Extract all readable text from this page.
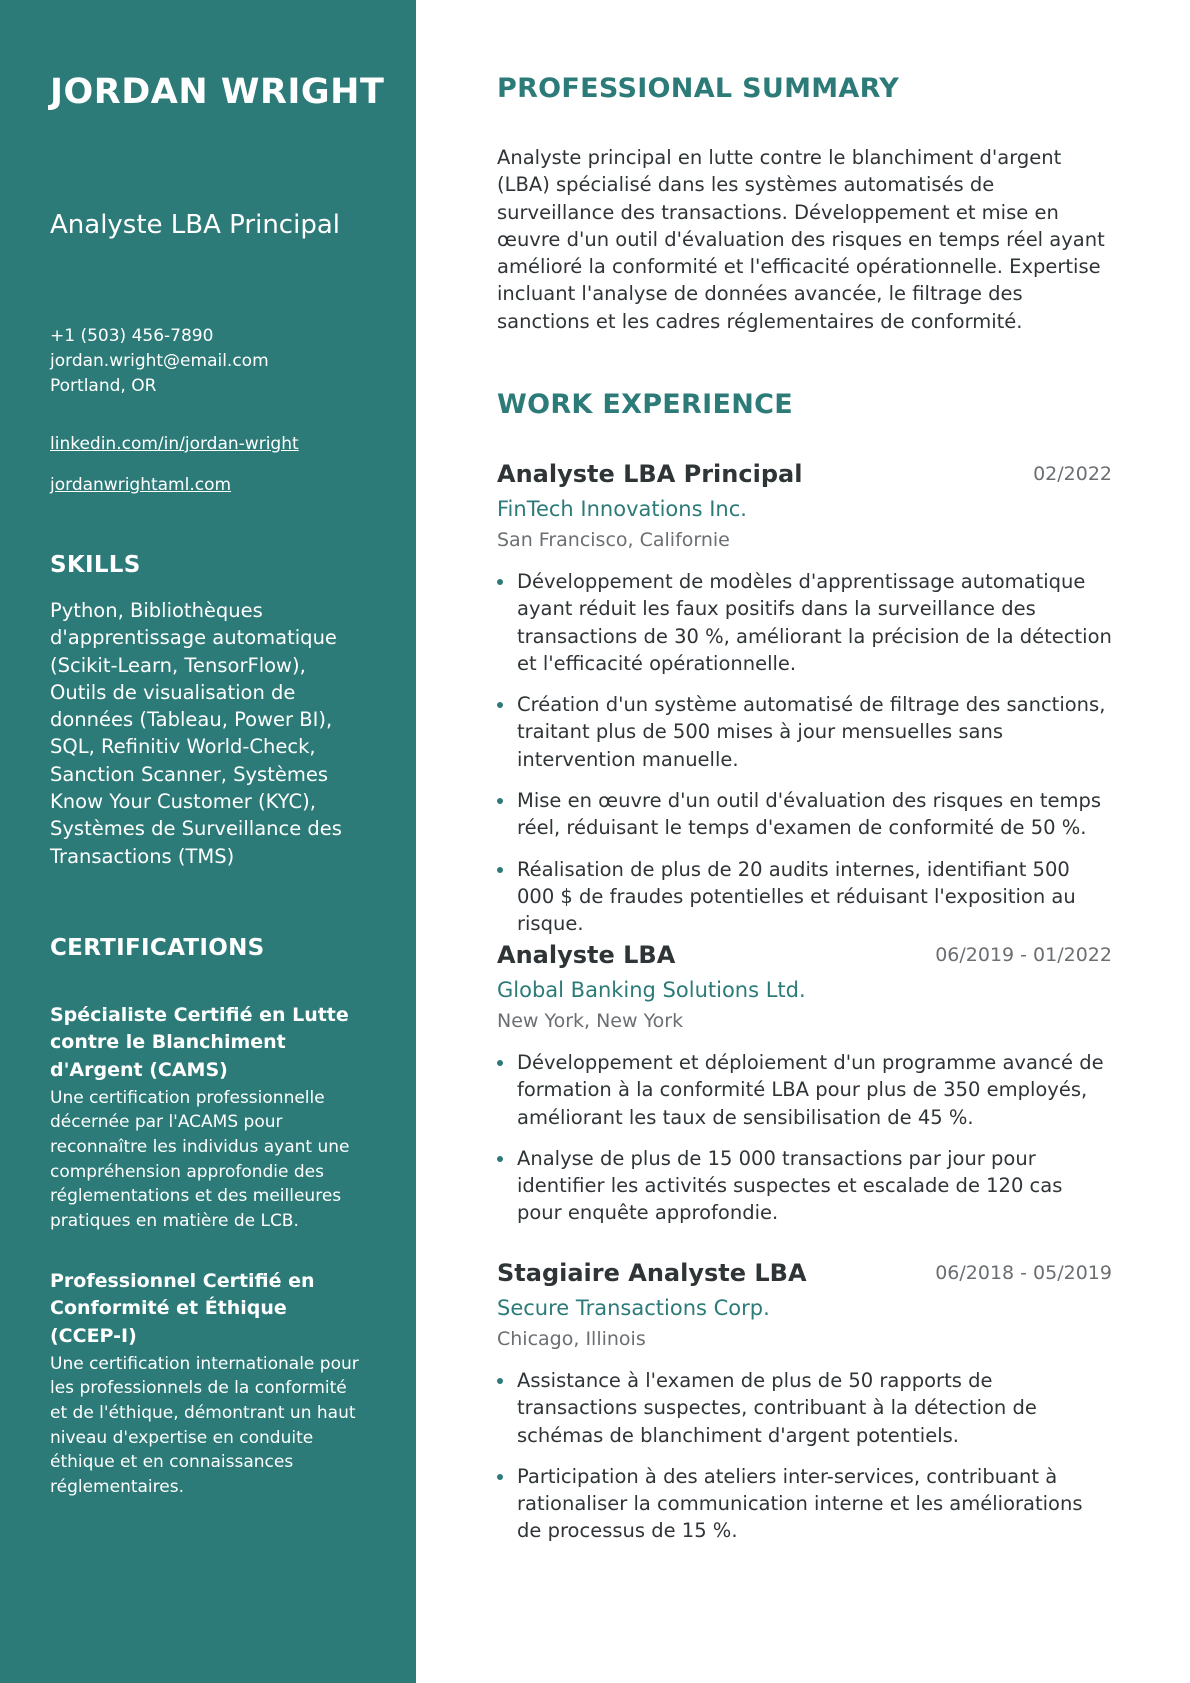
JORDAN WRIGHT
Analyste LBA Principal
+1 (503) 456-7890
jordan.wright@email.com
Portland, OR
linkedin.com/in/jordan-wright
jordanwrightaml.com
SKILLS
Python, Bibliothèques d'apprentissage automatique (Scikit-Learn, TensorFlow), Outils de visualisation de données (Tableau, Power BI), SQL, Refinitiv World-Check, Sanction Scanner, Systèmes Know Your Customer (KYC), Systèmes de Surveillance des Transactions (TMS)
CERTIFICATIONS
Spécialiste Certifié en Lutte contre le Blanchiment d'Argent (CAMS)
Une certification professionnelle décernée par l'ACAMS pour reconnaître les individus ayant une compréhension approfondie des réglementations et des meilleures pratiques en matière de LCB.
Professionnel Certifié en Conformité et Éthique (CCEP-I)
Une certification internationale pour les professionnels de la conformité et de l'éthique, démontrant un haut niveau d'expertise en conduite éthique et en connaissances réglementaires.
PROFESSIONAL SUMMARY

Analyste principal en lutte contre le blanchiment d'argent (LBA) spécialisé dans les systèmes automatisés de surveillance des transactions. Développement et mise en œuvre d'un outil d'évaluation des risques en temps réel ayant amélioré la conformité et l'efficacité opérationnelle. Expertise incluant l'analyse de données avancée, le filtrage des sanctions et les cadres réglementaires de conformité.

WORK EXPERIENCE
Analyste LBA Principal	02/2022
FinTech Innovations Inc.
San Francisco, Californie
Développement de modèles d'apprentissage automatique ayant réduit les faux positifs dans la surveillance des transactions de 30 %, améliorant la précision de la détection et l'efficacité opérationnelle.
Création d'un système automatisé de filtrage des sanctions, traitant plus de 500 mises à jour mensuelles sans intervention manuelle.
Mise en œuvre d'un outil d'évaluation des risques en temps réel, réduisant le temps d'examen de conformité de 50 %.
Réalisation de plus de 20 audits internes, identifiant 500 000 $ de fraudes potentielles et réduisant l'exposition au risque.
Analyste LBA	06/2019 - 01/2022
Global Banking Solutions Ltd.
New York, New York
Développement et déploiement d'un programme avancé de formation à la conformité LBA pour plus de 350 employés, améliorant les taux de sensibilisation de 45 %.
Analyse de plus de 15 000 transactions par jour pour identifier les activités suspectes et escalade de 120 cas pour enquête approfondie.
Stagiaire Analyste LBA	06/2018 - 05/2019
Secure Transactions Corp.
Chicago, Illinois
Assistance à l'examen de plus de 50 rapports de transactions suspectes, contribuant à la détection de schémas de blanchiment d'argent potentiels.
Participation à des ateliers inter-services, contribuant à rationaliser la communication interne et les améliorations de processus de 15 %.
